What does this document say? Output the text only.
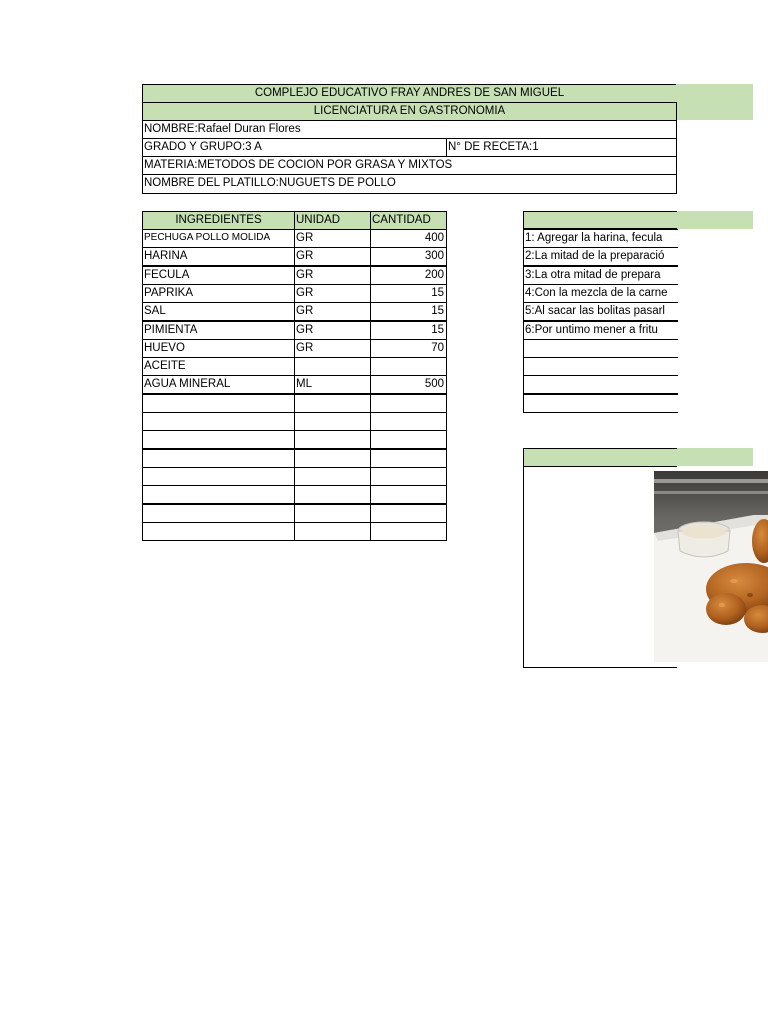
COMPLEJO EDUCATIVO FRAY ANDRES DE SAN MIGUEL
LICENCIATURA EN GASTRONOMIA
NOMBRE:Rafael Duran Flores
GRADO Y GRUPO:3 A	N° DE RECETA:1
MATERIA:METODOS DE COCION POR GRASA Y MIXTOS
NOMBRE DEL PLATILLO:NUGUETS DE POLLO
INGREDIENTES	UNIDAD	CANTIDAD
PECHUGA POLLO MOLIDA	GR	400
HARINA	GR	300
FECULA	GR	200
PAPRIKA	GR	15
SAL	GR	15
PIMIENTA	GR	15
HUEVO	GR	70
ACEITE
AGUA MINERAL	ML	500
1: Agregar la harina, fecula
2:La mitad de la preparació
3:La otra mitad de prepara
4:Con la mezcla de la carne
5:Al sacar las bolitas pasarl
6:Por untimo mener a fritu
